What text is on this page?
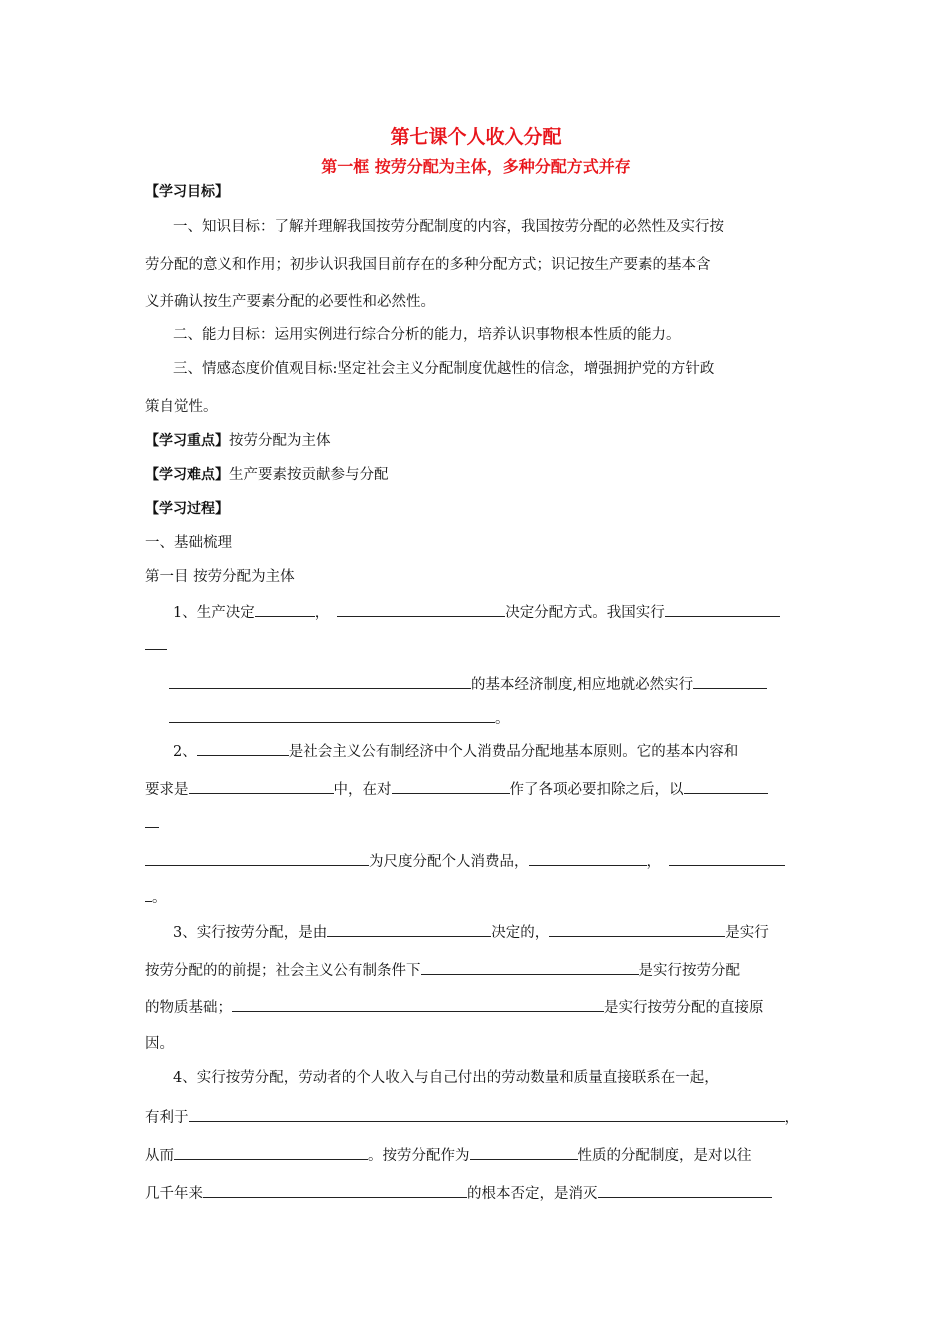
第七课个人收入分配
第一框 按劳分配为主体，多种分配方式并存
【学习目标】
一、知识目标：了解并理解我国按劳分配制度的内容，我国按劳分配的必然性及实行按
劳分配的意义和作用；初步认识我国目前存在的多种分配方式；识记按生产要素的基本含
义并确认按生产要素分配的必要性和必然性。
二、能力目标：运用实例进行综合分析的能力，培养认识事物根本性质的能力。
三、情感态度价值观目标:坚定社会主义分配制度优越性的信念，增强拥护党的方针政
策自觉性。
【学习重点】按劳分配为主体
【学习难点】生产要素按贡献参与分配
【学习过程】
一、基础梳理
第一目 按劳分配为主体
1、生产决定	，	决定分配方式。我国实行
的基本经济制度,相应地就必然实行
。
2、	是社会主义公有制经济中个人消费品分配地基本原则。它的基本内容和
要求是	中，在对	作了各项必要扣除之后，以
为尺度分配个人消费品，	，
。
3、实行按劳分配，是由	决定的，	是实行
按劳分配的的前提；社会主义公有制条件下	是实行按劳分配
的物质基础；	是实行按劳分配的直接原
因。
4、实行按劳分配，劳动者的个人收入与自己付出的劳动数量和质量直接联系在一起，
有利于	，
从而	。按劳分配作为	性质的分配制度，是对以往
几千年来	的根本否定，是消灭
